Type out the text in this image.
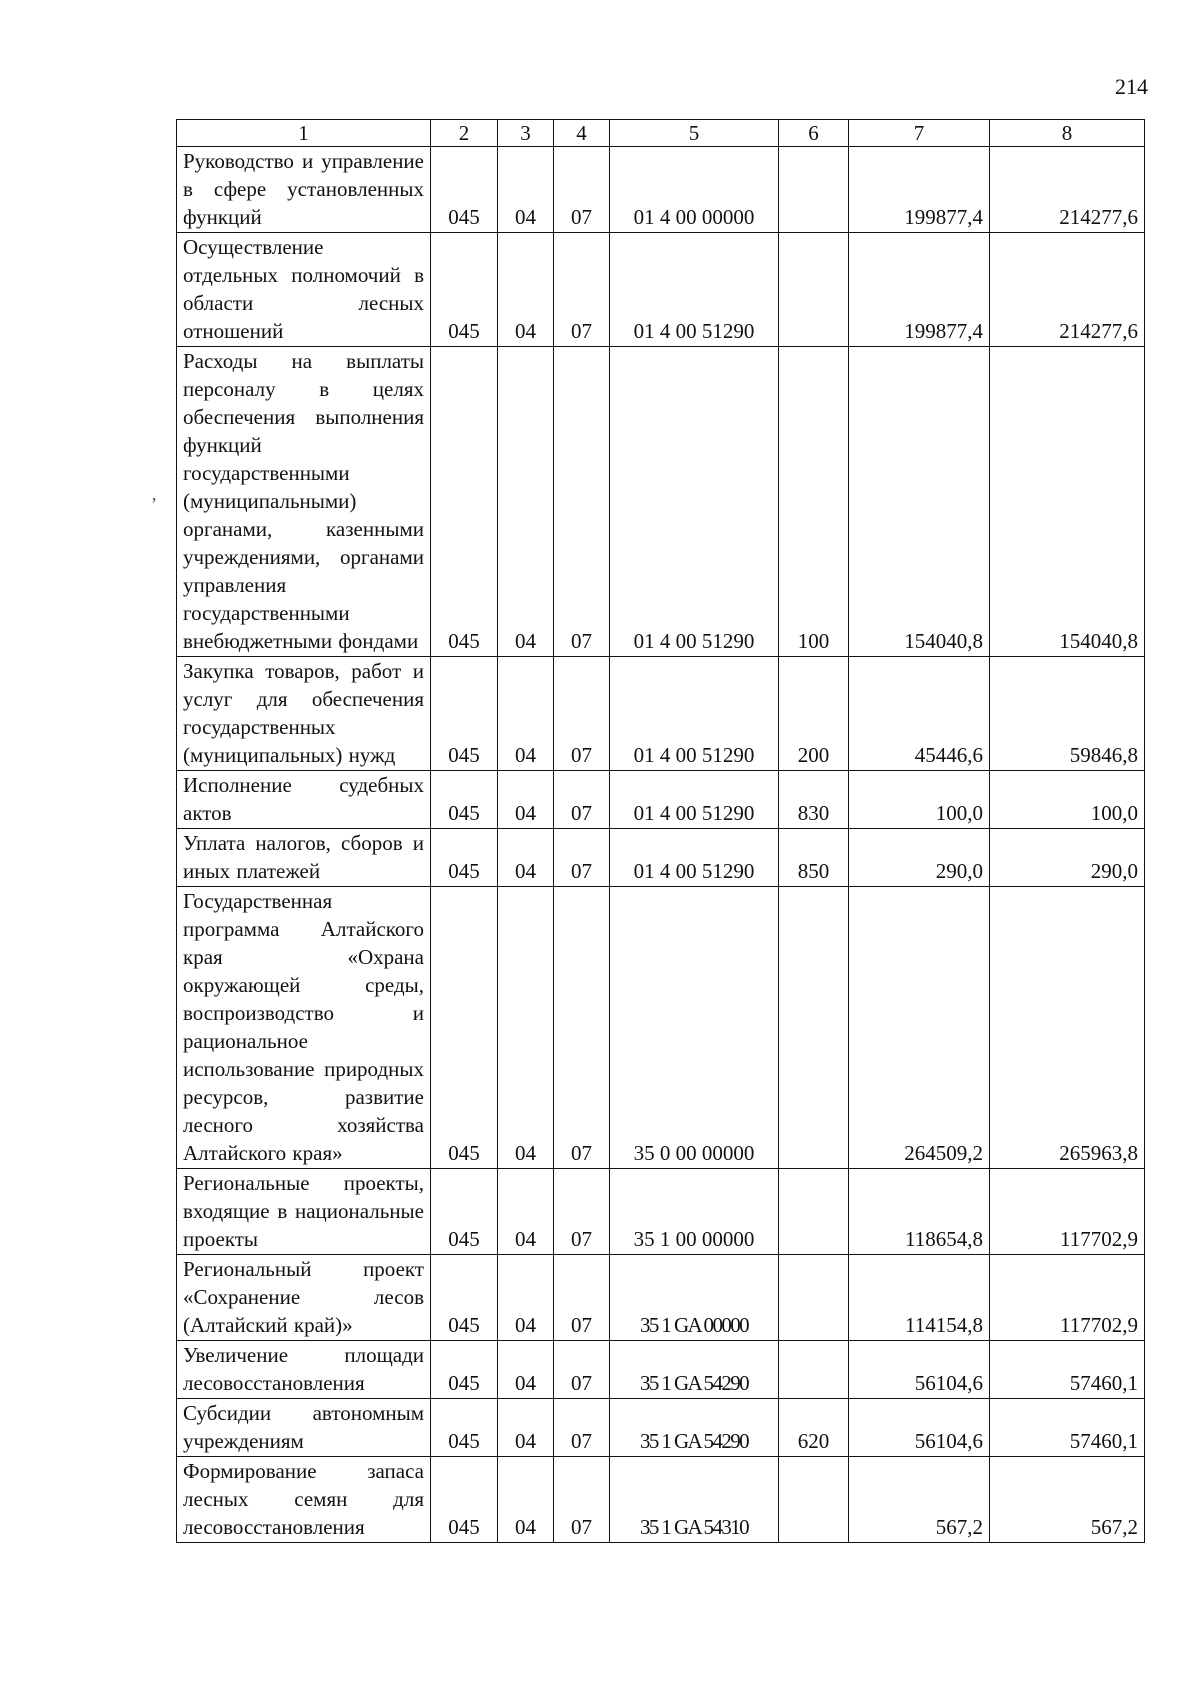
214
ʼ
1	2	3	4	5	6	7	8
Руководство и управление в сфере установленных функций	045	04	07	01 4 00 00000		199877,4	214277,6
Осуществление отдельных полномочий в области лесных отношений	045	04	07	01 4 00 51290		199877,4	214277,6
Расходы на выплаты персоналу в целях обеспечения выполнения функций государственными (муниципальными) органами, казенными учреждениями, органами управления государственными внебюджетными фондами	045	04	07	01 4 00 51290	100	154040,8	154040,8
Закупка товаров, работ и услуг для обеспечения государственных (муниципальных) нужд	045	04	07	01 4 00 51290	200	45446,6	59846,8
Исполнение судебных актов	045	04	07	01 4 00 51290	830	100,0	100,0
Уплата налогов, сборов и иных платежей	045	04	07	01 4 00 51290	850	290,0	290,0
Государственная программа Алтайского края «Охрана окружающей среды, воспроизводство и рациональное использование природных ресурсов, развитие лесного хозяйства Алтайского края»	045	04	07	35 0 00 00000		264509,2	265963,8
Региональные проекты, входящие в национальные проекты	045	04	07	35 1 00 00000		118654,8	117702,9
Региональный проект «Сохранение лесов (Алтайский край)»	045	04	07	35 1 GA 00000		114154,8	117702,9
Увеличение площади лесовосстановления	045	04	07	35 1 GA 54290		56104,6	57460,1
Субсидии автономным учреждениям	045	04	07	35 1 GA 54290	620	56104,6	57460,1
Формирование запаса лесных семян для лесовосстановления	045	04	07	35 1 GA 54310		567,2	567,2
